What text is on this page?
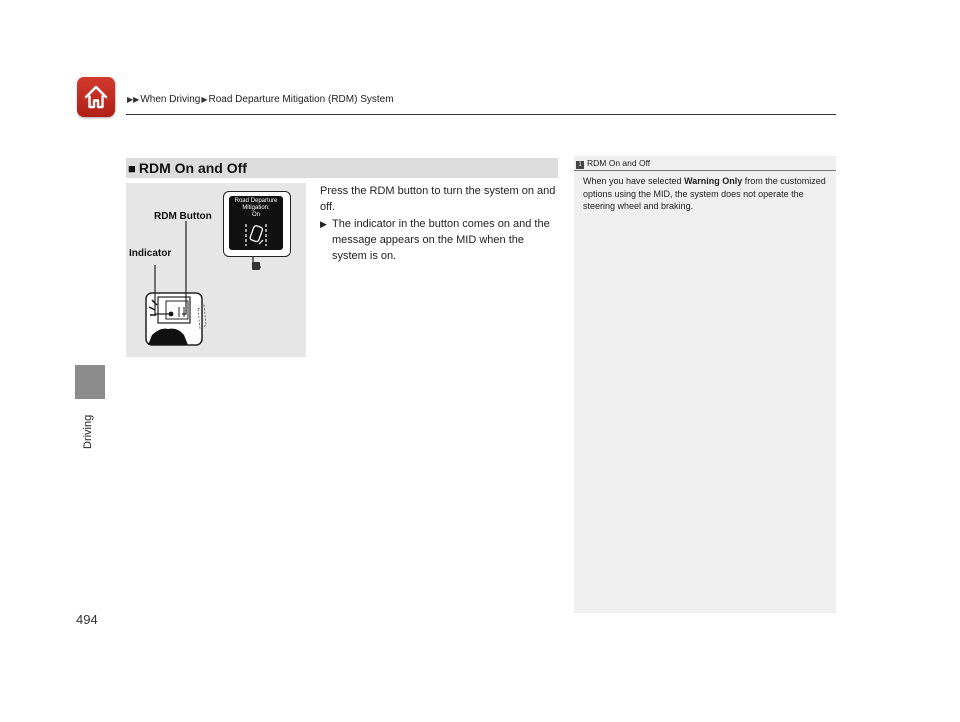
▶▶When Driving▶Road Departure Mitigation (RDM) System
Driving
494
■ RDM On and Off
RDM Button
Indicator
Road Departure
Mitigation:
On
Press the RDM button to turn the system on and off.
▶ The indicator in the button comes on and the message appears on the MID when the system is on.
1 RDM On and Off
When you have selected Warning Only from the customized options using the MID, the system does not operate the steering wheel and braking.
